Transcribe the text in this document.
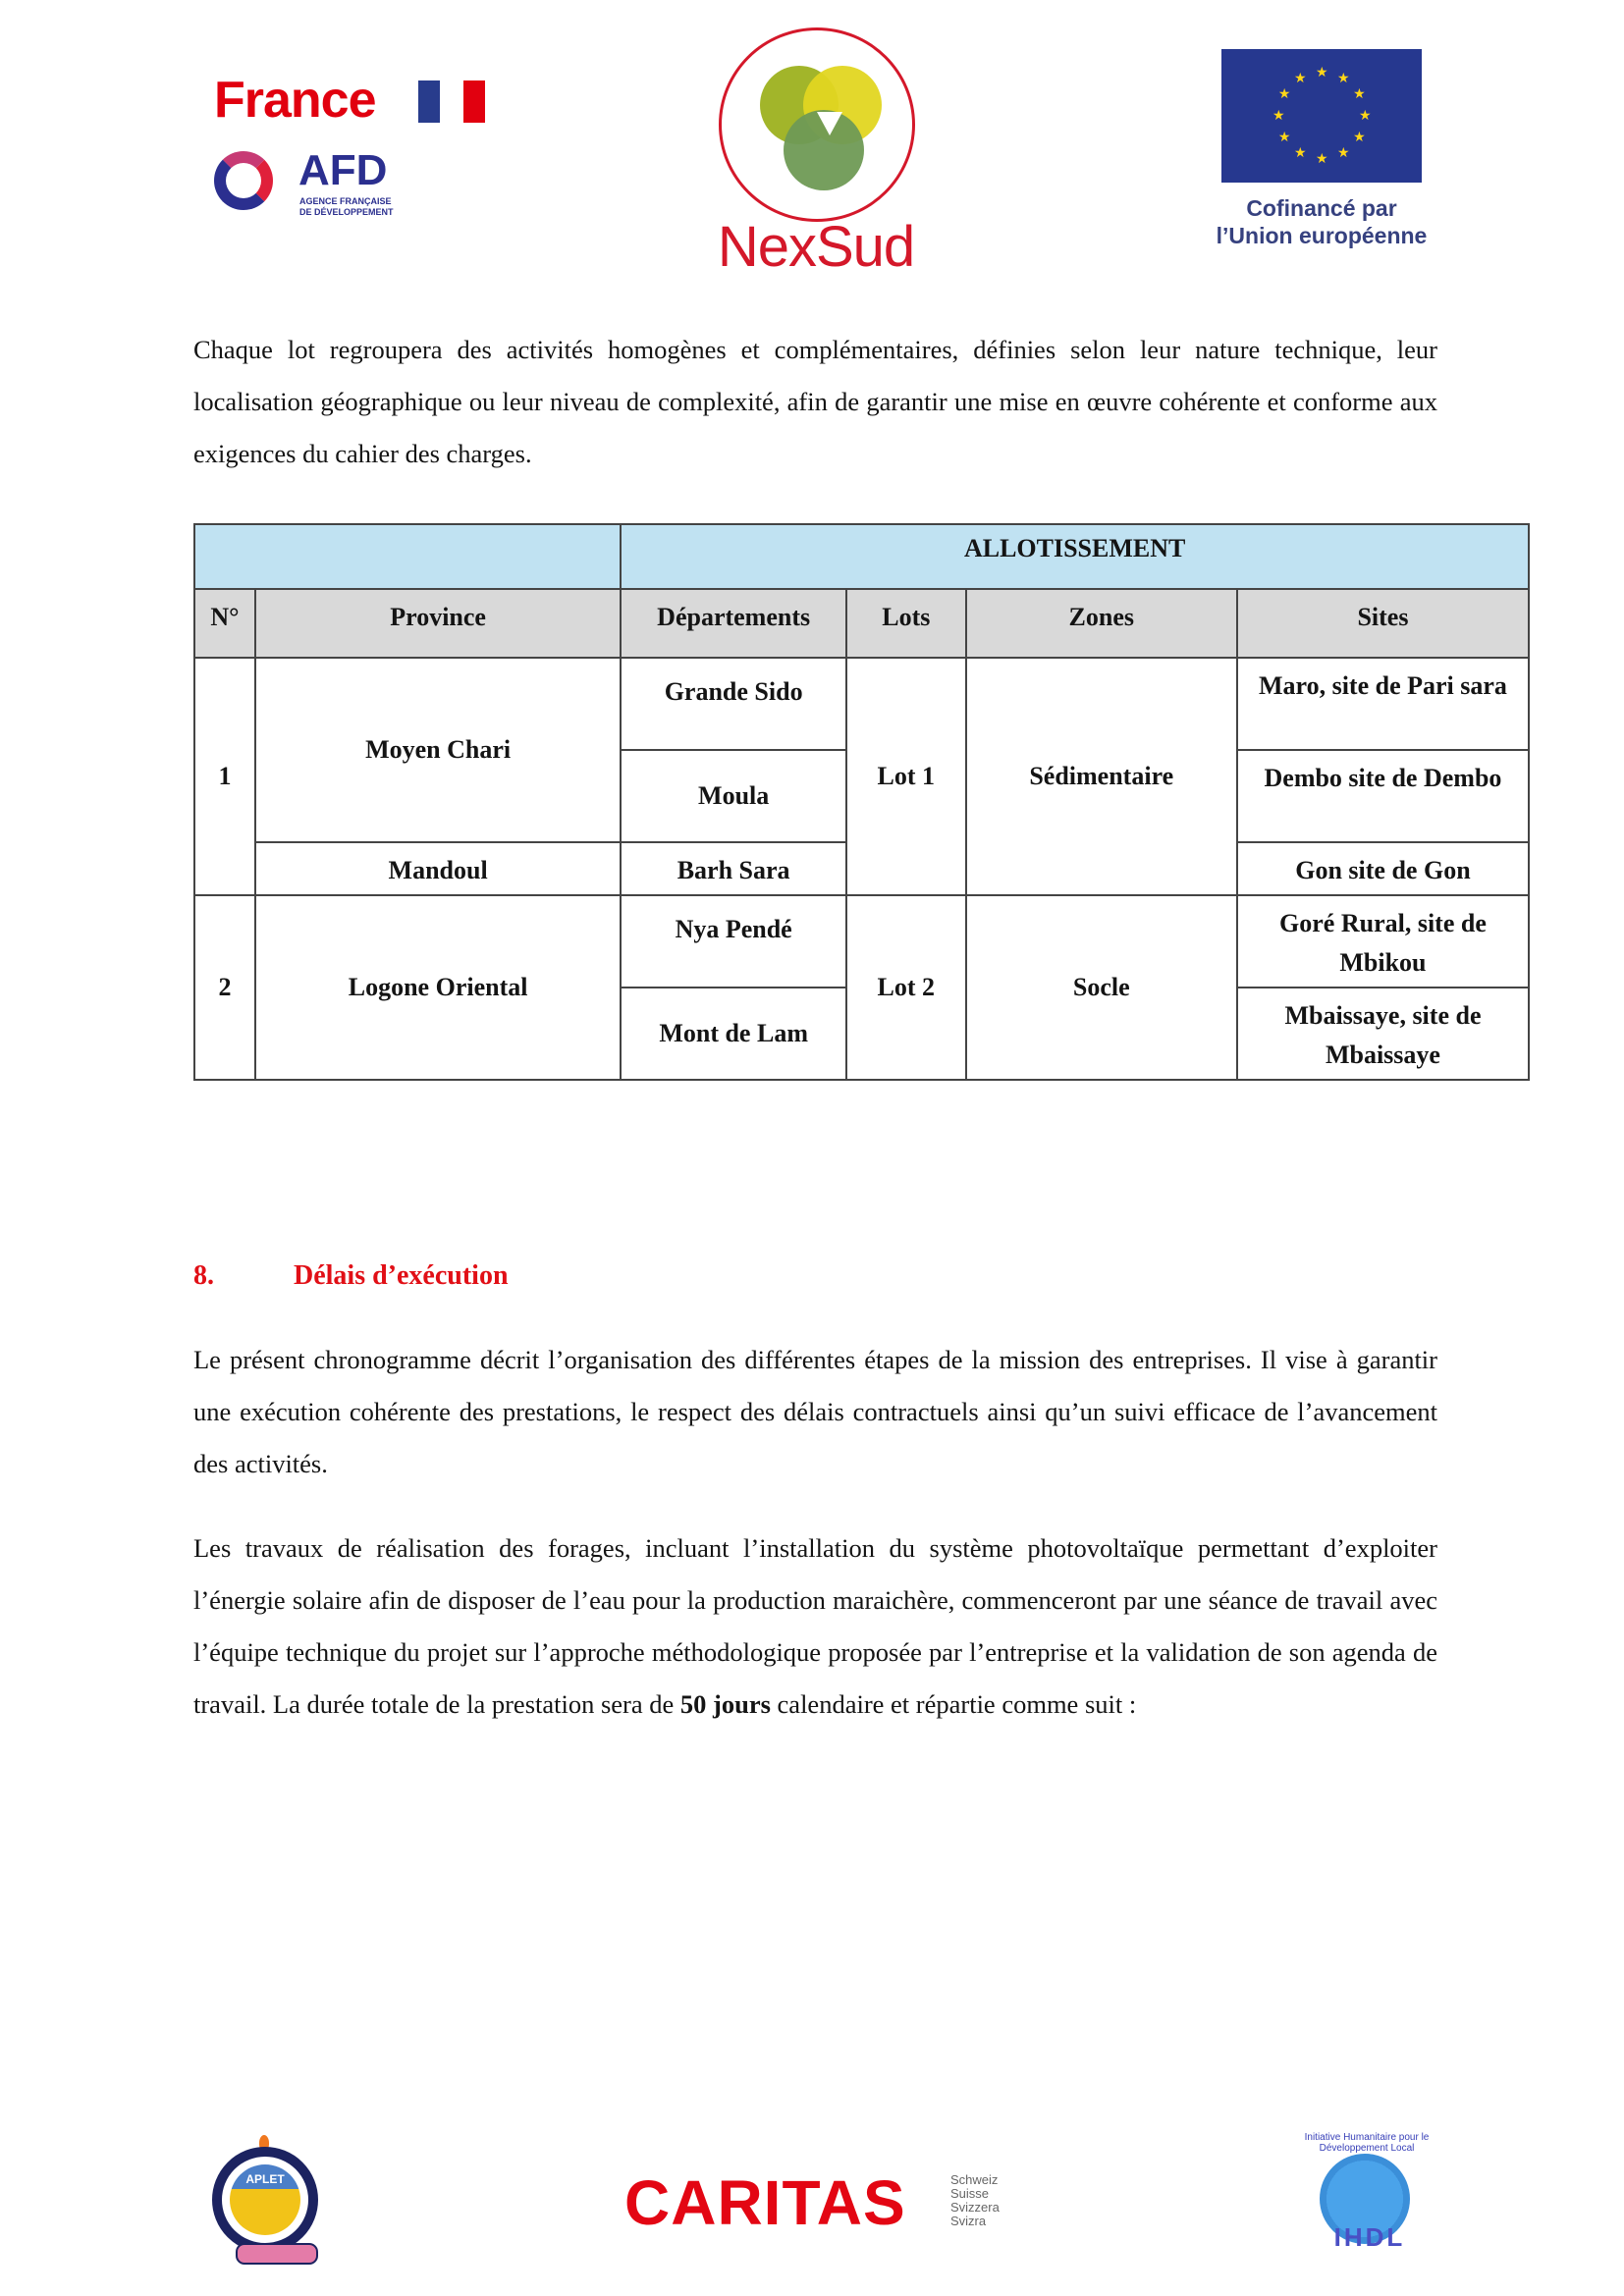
France
AFD
AGENCE FRANÇAISE
DE DÉVELOPPEMENT
NexSud
★ ★
★
★
★
★
★
★
★
★
★
★
Cofinancé par
l’Union européenne

Chaque lot regroupera des activités homogènes et complémentaires, définies selon leur nature technique, leur localisation géographique ou leur niveau de complexité, afin de garantir une mise en œuvre cohérente et conforme aux exigences du cahier des charges.

		ALLOTISSEMENT			
N°	Province	Départements	Lots	Zones	Sites
1	Moyen Chari	Grande Sido	Lot 1	Sédimentaire	Maro, site de Pari sara
		Moula			Dembo site de Dembo
	Mandoul	Barh Sara			Gon site de Gon
2	Logone Oriental	Nya Pendé	Lot 2	Socle	Goré Rural, site de Mbikou
		Mont de Lam			Mbaissaye, site de Mbaissaye
8.	Délais d’exécution

Le présent chronogramme décrit l’organisation des différentes étapes de la mission des entreprises. Il vise à garantir une exécution cohérente des prestations, le respect des délais contractuels ainsi qu’un suivi efficace de l’avancement des activités.

Les travaux de réalisation des forages, incluant l’installation du système photovoltaïque permettant d’exploiter l’énergie solaire afin de disposer de l’eau pour la production maraichère, commenceront par une séance de travail avec l’équipe technique du projet sur l’approche méthodologique proposée par l’entreprise et la validation de son agenda de travail. La durée totale de la prestation sera de 50 jours calendaire et répartie comme suit :

APLET	CARITAS	Schweiz
Suisse
Svizzera
Svizra
Initiative Humanitaire pour le Développement Local
IHDL
